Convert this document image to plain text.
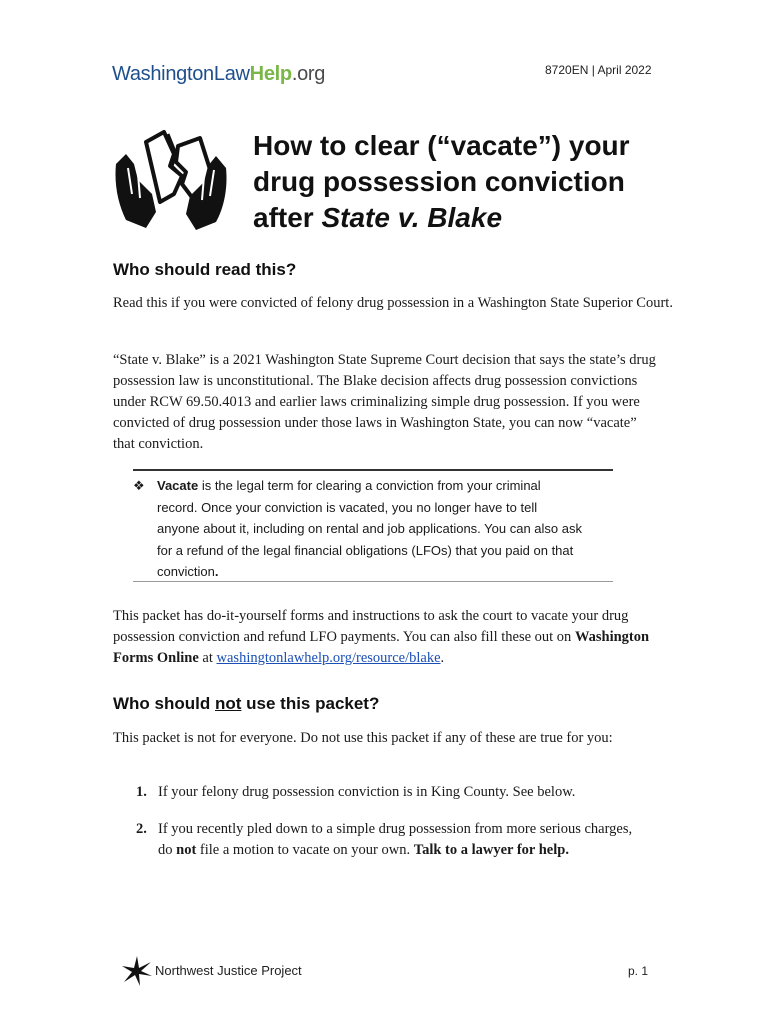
WashingtonLawHelp.org	8720EN | April 2022
How to clear (“vacate”) your
drug possession conviction
after State v. Blake
Who should read this?

Read this if you were convicted of felony drug possession in a Washington State Superior Court.

“State v. Blake” is a 2021 Washington State Supreme Court decision that says the state’s drug possession law is unconstitutional. The Blake decision affects drug possession convictions under RCW 69.50.4013 and earlier laws criminalizing simple drug possession. If you were convicted of drug possession under those laws in Washington State, you can now “vacate” that conviction.

❖ Vacate is the legal term for clearing a conviction from your criminal
record. Once your conviction is vacated, you no longer have to tell
anyone about it, including on rental and job applications. You can also ask
for a refund of the legal financial obligations (LFOs) that you paid on that
conviction.

This packet has do-it-yourself forms and instructions to ask the court to vacate your drug possession conviction and refund LFO payments. You can also fill these out on Washington Forms Online at washingtonlawhelp.org/resource/blake.

Who should not use this packet?

This packet is not for everyone. Do not use this packet if any of these are true for you:

1. If your felony drug possession conviction is in King County. See below.

2. If you recently pled down to a simple drug possession from more serious charges, do not file a motion to vacate on your own. Talk to a lawyer for help.

Northwest Justice Project	p. 1
